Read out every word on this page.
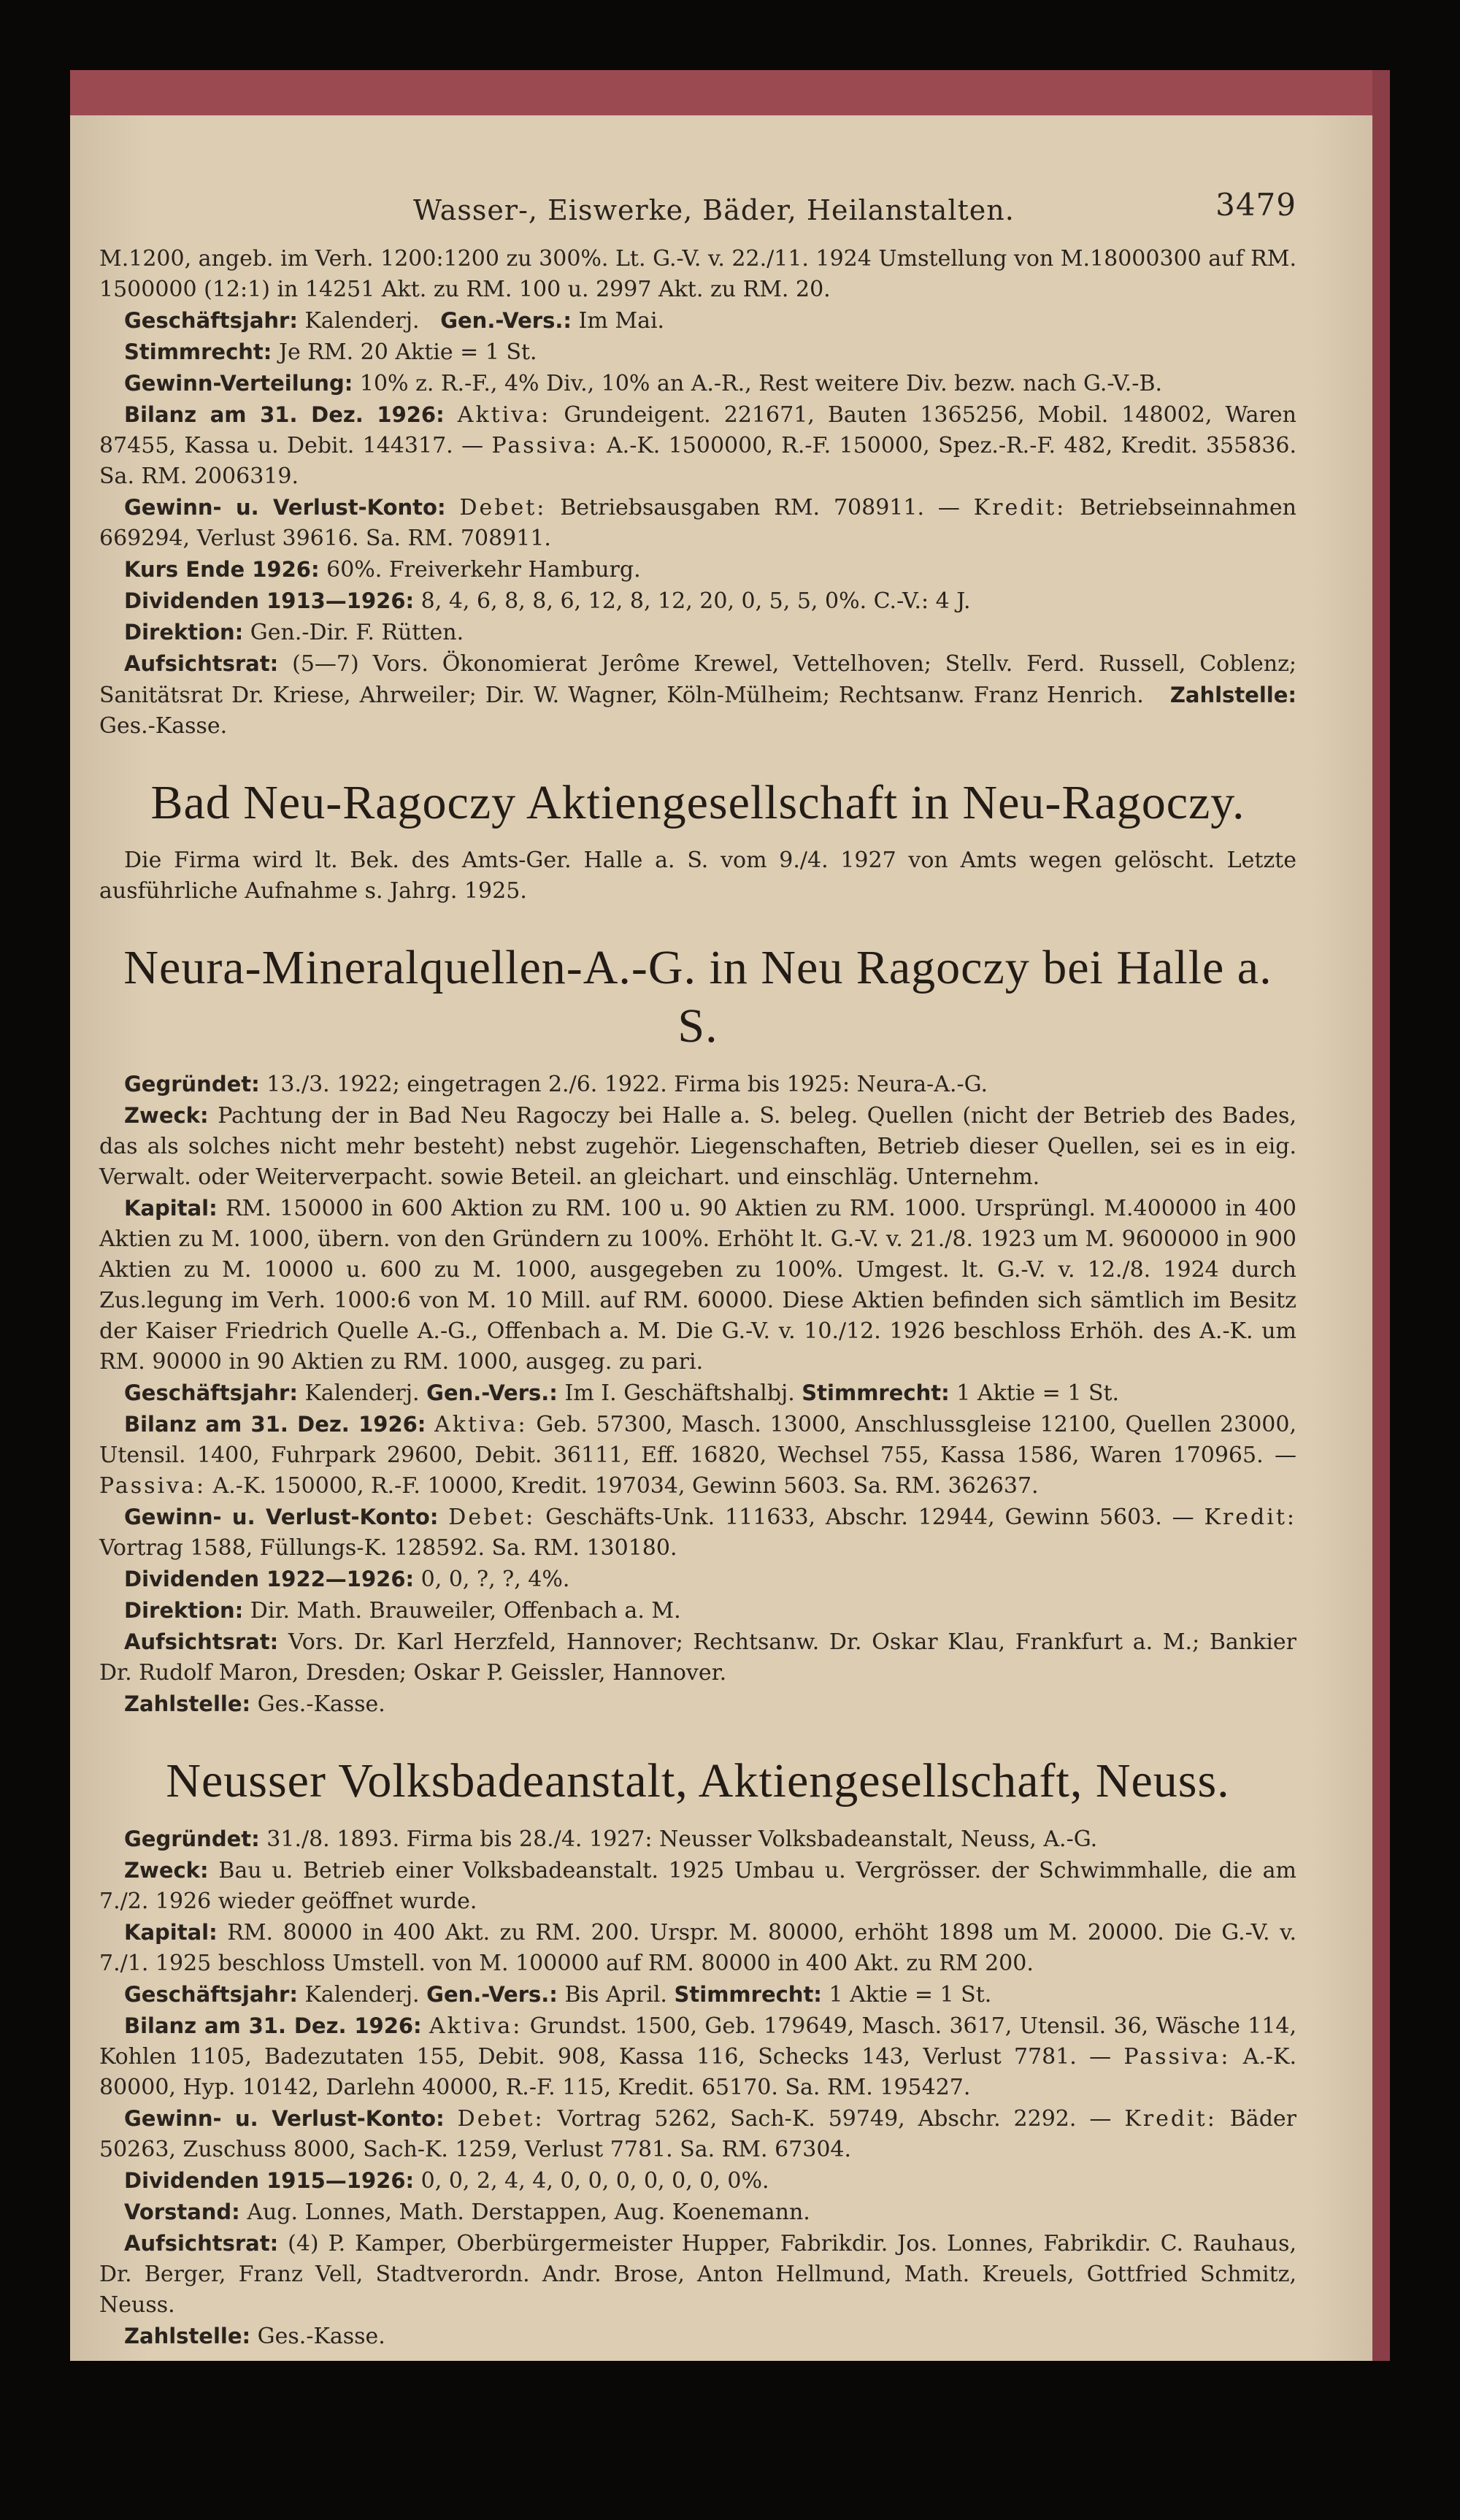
Wasser-, Eiswerke, Bäder, Heilanstalten.	3479

M.1200, angeb. im Verh. 1200:1200 zu 300%. Lt. G.-V. v. 22./11. 1924 Umstellung von M.18000300 auf RM. 1500000 (12:1) in 14251 Akt. zu RM. 100 u. 2997 Akt. zu RM. 20.

Geschäftsjahr: Kalenderj. Gen.-Vers.: Im Mai.

Stimmrecht: Je RM. 20 Aktie = 1 St.

Gewinn-Verteilung: 10% z. R.-F., 4% Div., 10% an A.-R., Rest weitere Div. bezw. nach G.-V.-B.

Bilanz am 31. Dez. 1926: Aktiva: Grundeigent. 221671, Bauten 1365256, Mobil. 148002, Waren 87455, Kassa u. Debit. 144317. — Passiva: A.-K. 1500000, R.-F. 150000, Spez.-R.-F. 482, Kredit. 355836. Sa. RM. 2006319.

Gewinn- u. Verlust-Konto: Debet: Betriebsausgaben RM. 708911. — Kredit: Betriebseinnahmen 669294, Verlust 39616. Sa. RM. 708911.

Kurs Ende 1926: 60%. Freiverkehr Hamburg.

Dividenden 1913—1926: 8, 4, 6, 8, 8, 6, 12, 8, 12, 20, 0, 5, 5, 0%. C.-V.: 4 J.

Direktion: Gen.-Dir. F. Rütten.

Aufsichtsrat: (5—7) Vors. Ökonomierat Jerôme Krewel, Vettelhoven; Stellv. Ferd. Russell, Coblenz; Sanitätsrat Dr. Kriese, Ahrweiler; Dir. W. Wagner, Köln-Mülheim; Rechtsanw. Franz Henrich. Zahlstelle: Ges.-Kasse.

Bad Neu-Ragoczy Aktiengesellschaft in Neu-Ragoczy.

Die Firma wird lt. Bek. des Amts-Ger. Halle a. S. vom 9./4. 1927 von Amts wegen gelöscht. Letzte ausführliche Aufnahme s. Jahrg. 1925.

Neura-Mineralquellen-A.-G. in Neu Ragoczy bei Halle a. S.

Gegründet: 13./3. 1922; eingetragen 2./6. 1922. Firma bis 1925: Neura-A.-G.

Zweck: Pachtung der in Bad Neu Ragoczy bei Halle a. S. beleg. Quellen (nicht der Betrieb des Bades, das als solches nicht mehr besteht) nebst zugehör. Liegenschaften, Betrieb dieser Quellen, sei es in eig. Verwalt. oder Weiterverpacht. sowie Beteil. an gleichart. und einschläg. Unternehm.

Kapital: RM. 150000 in 600 Aktion zu RM. 100 u. 90 Aktien zu RM. 1000. Ursprüngl. M.400000 in 400 Aktien zu M. 1000, übern. von den Gründern zu 100%. Erhöht lt. G.-V. v. 21./8. 1923 um M. 9600000 in 900 Aktien zu M. 10000 u. 600 zu M. 1000, ausgegeben zu 100%. Umgest. lt. G.-V. v. 12./8. 1924 durch Zus.legung im Verh. 1000:6 von M. 10 Mill. auf RM. 60000. Diese Aktien befinden sich sämtlich im Besitz der Kaiser Friedrich Quelle A.-G., Offenbach a. M. Die G.-V. v. 10./12. 1926 beschloss Erhöh. des A.-K. um RM. 90000 in 90 Aktien zu RM. 1000, ausgeg. zu pari.

Geschäftsjahr: Kalenderj. Gen.-Vers.: Im I. Geschäftshalbj. Stimmrecht: 1 Aktie = 1 St.

Bilanz am 31. Dez. 1926: Aktiva: Geb. 57300, Masch. 13000, Anschlussgleise 12100, Quellen 23000, Utensil. 1400, Fuhrpark 29600, Debit. 36111, Eff. 16820, Wechsel 755, Kassa 1586, Waren 170965. — Passiva: A.-K. 150000, R.-F. 10000, Kredit. 197034, Gewinn 5603. Sa. RM. 362637.

Gewinn- u. Verlust-Konto: Debet: Geschäfts-Unk. 111633, Abschr. 12944, Gewinn 5603. — Kredit: Vortrag 1588, Füllungs-K. 128592. Sa. RM. 130180.

Dividenden 1922—1926: 0, 0, ?, ?, 4%.

Direktion: Dir. Math. Brauweiler, Offenbach a. M.

Aufsichtsrat: Vors. Dr. Karl Herzfeld, Hannover; Rechtsanw. Dr. Oskar Klau, Frankfurt a. M.; Bankier Dr. Rudolf Maron, Dresden; Oskar P. Geissler, Hannover.

Zahlstelle: Ges.-Kasse.

Neusser Volksbadeanstalt, Aktiengesellschaft, Neuss.

Gegründet: 31./8. 1893. Firma bis 28./4. 1927: Neusser Volksbadeanstalt, Neuss, A.-G.

Zweck: Bau u. Betrieb einer Volksbadeanstalt. 1925 Umbau u. Vergrösser. der Schwimmhalle, die am 7./2. 1926 wieder geöffnet wurde.

Kapital: RM. 80000 in 400 Akt. zu RM. 200. Urspr. M. 80000, erhöht 1898 um M. 20000. Die G.-V. v. 7./1. 1925 beschloss Umstell. von M. 100000 auf RM. 80000 in 400 Akt. zu RM 200.

Geschäftsjahr: Kalenderj. Gen.-Vers.: Bis April. Stimmrecht: 1 Aktie = 1 St.

Bilanz am 31. Dez. 1926: Aktiva: Grundst. 1500, Geb. 179649, Masch. 3617, Utensil. 36, Wäsche 114, Kohlen 1105, Badezutaten 155, Debit. 908, Kassa 116, Schecks 143, Verlust 7781. — Passiva: A.-K. 80000, Hyp. 10142, Darlehn 40000, R.-F. 115, Kredit. 65170. Sa. RM. 195427.

Gewinn- u. Verlust-Konto: Debet: Vortrag 5262, Sach-K. 59749, Abschr. 2292. — Kredit: Bäder 50263, Zuschuss 8000, Sach-K. 1259, Verlust 7781. Sa. RM. 67304.

Dividenden 1915—1926: 0, 0, 2, 4, 4, 0, 0, 0, 0, 0, 0, 0%.

Vorstand: Aug. Lonnes, Math. Derstappen, Aug. Koenemann.

Aufsichtsrat: (4) P. Kamper, Oberbürgermeister Hupper, Fabrikdir. Jos. Lonnes, Fabrikdir. C. Rauhaus, Dr. Berger, Franz Vell, Stadtverordn. Andr. Brose, Anton Hellmund, Math. Kreuels, Gottfried Schmitz, Neuss.

Zahlstelle: Ges.-Kasse.
